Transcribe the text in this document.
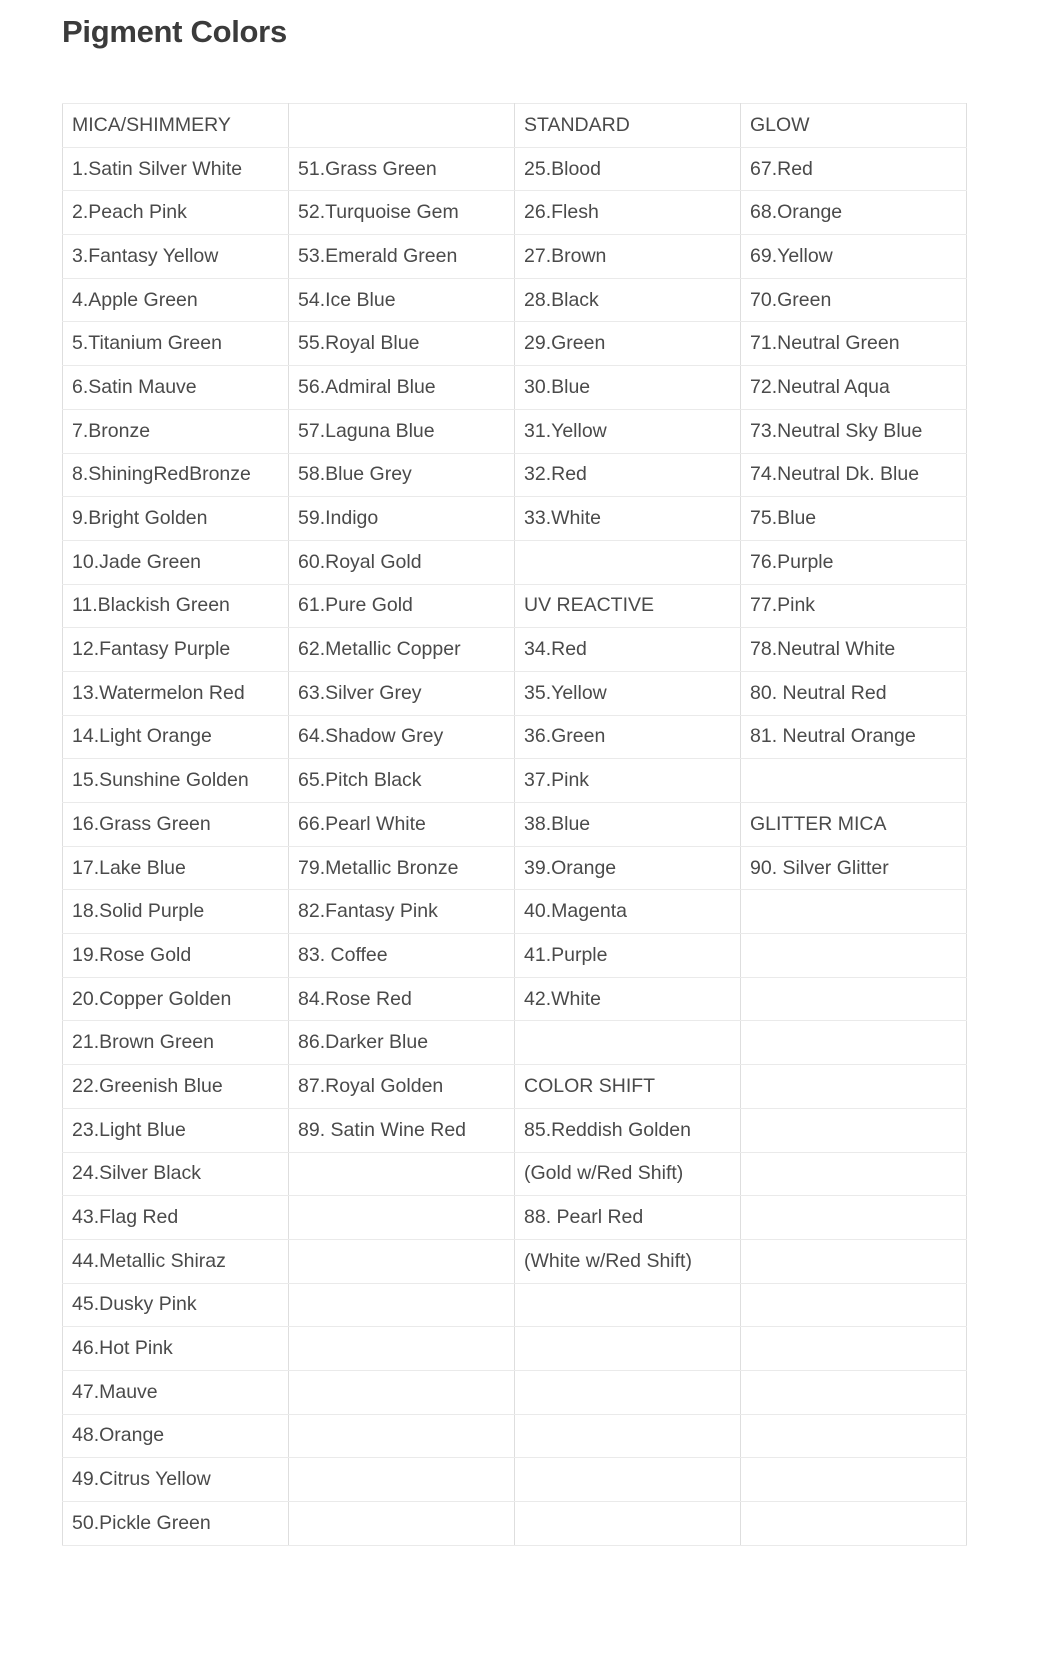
Pigment Colors
MICA/SHIMMERY		STANDARD	GLOW
1.Satin Silver White	51.Grass Green	25.Blood	67.Red
2.Peach Pink	52.Turquoise Gem	26.Flesh	68.Orange
3.Fantasy Yellow	53.Emerald Green	27.Brown	69.Yellow
4.Apple Green	54.Ice Blue	28.Black	70.Green
5.Titanium Green	55.Royal Blue	29.Green	71.Neutral Green
6.Satin Mauve	56.Admiral Blue	30.Blue	72.Neutral Aqua
7.Bronze	57.Laguna Blue	31.Yellow	73.Neutral Sky Blue
8.ShiningRedBronze	58.Blue Grey	32.Red	74.Neutral Dk. Blue
9.Bright Golden	59.Indigo	33.White	75.Blue
10.Jade Green	60.Royal Gold		76.Purple
11.Blackish Green	61.Pure Gold	UV REACTIVE	77.Pink
12.Fantasy Purple	62.Metallic Copper	34.Red	78.Neutral White
13.Watermelon Red	63.Silver Grey	35.Yellow	80. Neutral Red
14.Light Orange	64.Shadow Grey	36.Green	81. Neutral Orange
15.Sunshine Golden	65.Pitch Black	37.Pink	
16.Grass Green	66.Pearl White	38.Blue	GLITTER MICA
17.Lake Blue	79.Metallic Bronze	39.Orange	90. Silver Glitter
18.Solid Purple	82.Fantasy Pink	40.Magenta	
19.Rose Gold	83. Coffee	41.Purple	
20.Copper Golden	84.Rose Red	42.White	
21.Brown Green	86.Darker Blue		
22.Greenish Blue	87.Royal Golden	COLOR SHIFT	
23.Light Blue	89. Satin Wine Red	85.Reddish Golden	
24.Silver Black		(Gold w/Red Shift)	
43.Flag Red		88. Pearl Red	
44.Metallic Shiraz		(White w/Red Shift)	
45.Dusky Pink			
46.Hot Pink			
47.Mauve			
48.Orange			
49.Citrus Yellow			
50.Pickle Green			
